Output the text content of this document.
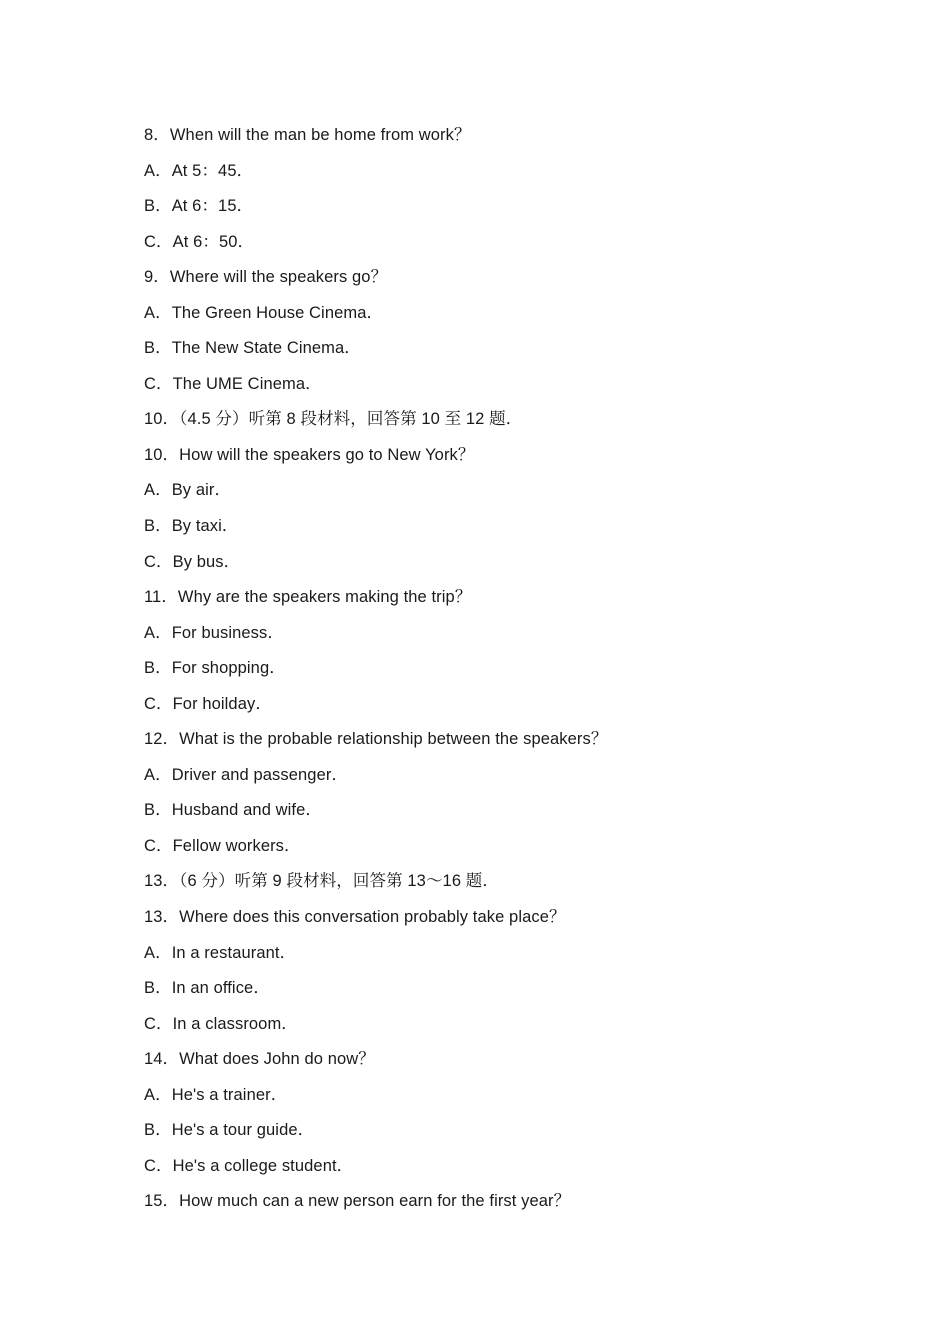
8．When will the man be home from work？
A．At 5：45．
B．At 6：15．
C．At 6：50．
9．Where will the speakers go？
A．The Green House Cinema．
B．The New State Cinema．
C．The UME Cinema．
10．（4.5 分）听第 8 段材料，回答第 10 至 12 题．
10．How will the speakers go to New York？
A．By air．
B．By taxi．
C．By bus．
11．Why are the speakers making the trip？
A．For business．
B．For shopping．
C．For hoilday．
12．What is the probable relationship between the speakers？
A．Driver and passenger．
B．Husband and wife．
C．Fellow workers．
13．（6 分）听第 9 段材料，回答第 13～16 题．
13．Where does this conversation probably take place？
A．In a restaurant．
B．In an office．
C．In a classroom．
14．What does John do now？
A．He's a trainer．
B．He's a tour guide．
C．He's a college student．
15．How much can a new person earn for the first year？
